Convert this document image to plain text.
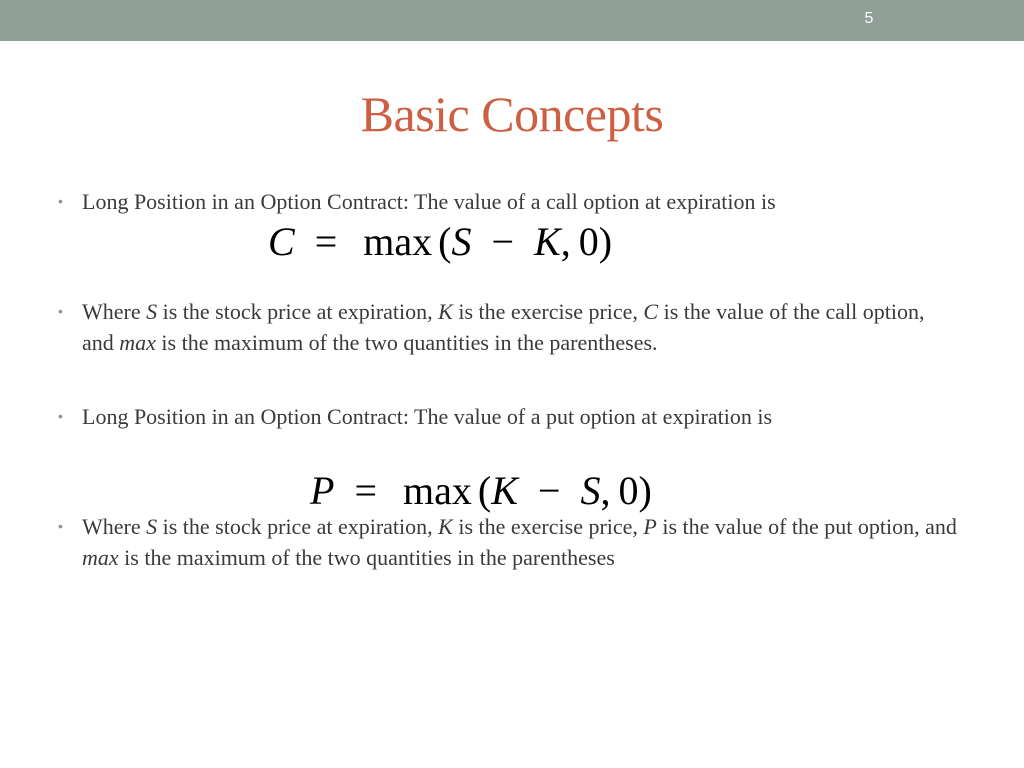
5
Basic Concepts
• Long Position in an Option Contract: The value of a call option at expiration is
C = max (S − K, 0)
• Where S is the stock price at expiration, K is the exercise price, C is the value of the call option, and max is the maximum of the two quantities in the parentheses.
• Long Position in an Option Contract: The value of a put option at expiration is
P = max (K − S, 0)
• Where S is the stock price at expiration, K is the exercise price, P is the value of the put option, and max is the maximum of the two quantities in the parentheses
